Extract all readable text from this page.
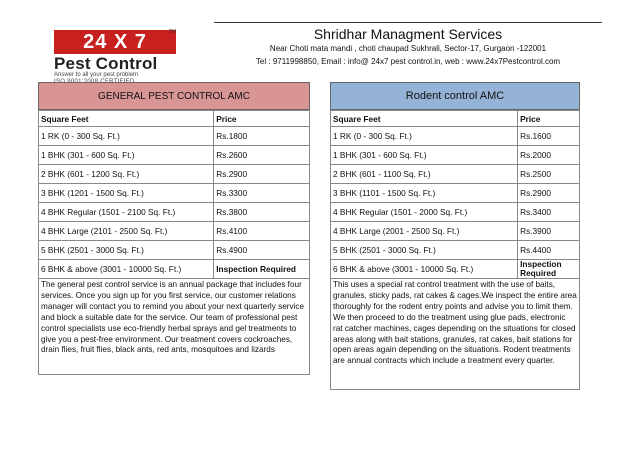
24 X 7	TM
Pest Control
Answer to all your pest problem
Shridhar Managment Services
Near Choti mata mandi , choti chaupad Sukhrali, Sector-17, Gurgaon -122001
Tel : 9711998850, Email : info@ 24x7 pest control.in, web : www.24x7Pestcontrol.com
GENERAL PEST CONTROL AMC
Square Feet	Price
1 RK (0 - 300 Sq. Ft.)	Rs.1800
1 BHK (301 - 600 Sq. Ft.)	Rs.2600
2 BHK (601 - 1200 Sq. Ft.)	Rs.2900
3 BHK (1201 - 1500 Sq. Ft.)	Rs.3300
4 BHK Regular (1501 - 2100 Sq. Ft.)	Rs.3800
4 BHK Large (2101 - 2500 Sq. Ft.)	Rs.4100
5 BHK (2501 - 3000 Sq. Ft.)	Rs.4900
6 BHK & above (3001 - 10000 Sq. Ft.)	Inspection Required
The general pest control service is an annual package that includes four services. Once you sign up for you first service, our customer relations manager will contact you to remind you about your next quarterly service and block a suitable date for the service. Our team of professional pest control specialists use eco-friendly herbal sprays and gel treatments to give you a pest-free environment. Our treatment covers cockroaches, drain flies, fruit flies, black ants, red ants, mosquitoes and lizards
Rodent control AMC
Square Feet	Price
1 RK (0 - 300 Sq. Ft.)	Rs.1600
1 BHK (301 - 600 Sq. Ft.)	Rs.2000
2 BHK (601 - 1100 Sq. Ft.)	Rs.2500
3 BHK (1101 - 1500 Sq. Ft.)	Rs.2900
4 BHK Regular (1501 - 2000 Sq. Ft.)	Rs.3400
4 BHK Large (2001 - 2500 Sq. Ft.)	Rs.3900
5 BHK (2501 - 3000 Sq. Ft.)	Rs.4400
6 BHK & above (3001 - 10000 Sq. Ft.)	Inspection Required
This uses a special rat control treatment with the use of baits, granules, sticky pads, rat cakes & cages.We inspect the entire area thoroughly for the rodent entry points and advise you to limit them. We then proceed to do the treatment using glue pads, electronic rat catcher machines, cages depending on the situations for closed areas along with bait stations, granules, rat cakes, bait stations for open areas again depending on the situations. Rodent treatments are annual contracts which include a treatment every quarter.
